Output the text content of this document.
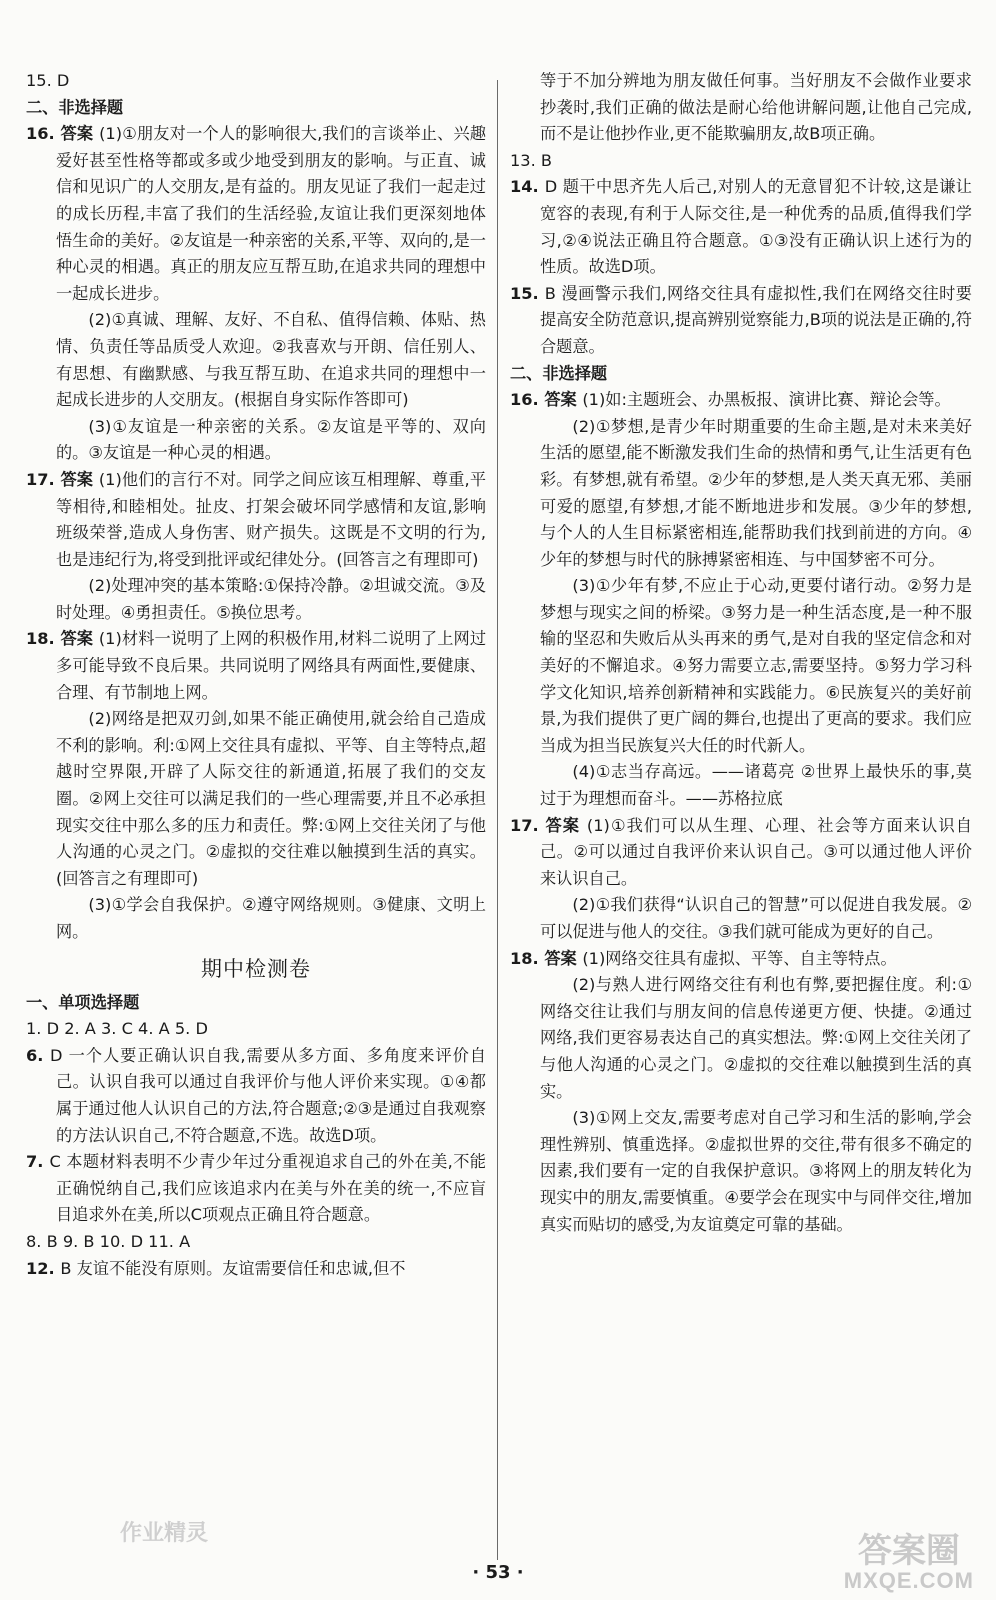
15. D
二、非选择题
16. 答案 (1)①朋友对一个人的影响很大,我们的言谈举止、兴趣爱好甚至性格等都或多或少地受到朋友的影响。与正直、诚信和见识广的人交朋友,是有益的。朋友见证了我们一起走过的成长历程,丰富了我们的生活经验,友谊让我们更深刻地体悟生命的美好。②友谊是一种亲密的关系,平等、双向的,是一种心灵的相遇。真正的朋友应互帮互助,在追求共同的理想中一起成长进步。
(2)①真诚、理解、友好、不自私、值得信赖、体贴、热情、负责任等品质受人欢迎。②我喜欢与开朗、信任别人、有思想、有幽默感、与我互帮互助、在追求共同的理想中一起成长进步的人交朋友。(根据自身实际作答即可)
(3)①友谊是一种亲密的关系。②友谊是平等的、双向的。③友谊是一种心灵的相遇。
17. 答案 (1)他们的言行不对。同学之间应该互相理解、尊重,平等相待,和睦相处。扯皮、打架会破坏同学感情和友谊,影响班级荣誉,造成人身伤害、财产损失。这既是不文明的行为,也是违纪行为,将受到批评或纪律处分。(回答言之有理即可)
(2)处理冲突的基本策略:①保持冷静。②坦诚交流。③及时处理。④勇担责任。⑤换位思考。
18. 答案 (1)材料一说明了上网的积极作用,材料二说明了上网过多可能导致不良后果。共同说明了网络具有两面性,要健康、合理、有节制地上网。
(2)网络是把双刃剑,如果不能正确使用,就会给自己造成不利的影响。利:①网上交往具有虚拟、平等、自主等特点,超越时空界限,开辟了人际交往的新通道,拓展了我们的交友圈。②网上交往可以满足我们的一些心理需要,并且不必承担现实交往中那么多的压力和责任。弊:①网上交往关闭了与他人沟通的心灵之门。②虚拟的交往难以触摸到生活的真实。(回答言之有理即可)
(3)①学会自我保护。②遵守网络规则。③健康、文明上网。
期中检测卷
一、单项选择题
1. D 2. A 3. C 4. A 5. D
6. D 一个人要正确认识自我,需要从多方面、多角度来评价自己。认识自我可以通过自我评价与他人评价来实现。①④都属于通过他人认识自己的方法,符合题意;②③是通过自我观察的方法认识自己,不符合题意,不选。故选D项。
7. C 本题材料表明不少青少年过分重视追求自己的外在美,不能正确悦纳自己,我们应该追求内在美与外在美的统一,不应盲目追求外在美,所以C项观点正确且符合题意。
8. B 9. B 10. D 11. A
12. B 友谊不能没有原则。友谊需要信任和忠诚,但不
等于不加分辨地为朋友做任何事。当好朋友不会做作业要求抄袭时,我们正确的做法是耐心给他讲解问题,让他自己完成,而不是让他抄作业,更不能欺骗朋友,故B项正确。
13. B
14. D 题干中思齐先人后己,对别人的无意冒犯不计较,这是谦让宽容的表现,有利于人际交往,是一种优秀的品质,值得我们学习,②④说法正确且符合题意。①③没有正确认识上述行为的性质。故选D项。
15. B 漫画警示我们,网络交往具有虚拟性,我们在网络交往时要提高安全防范意识,提高辨别觉察能力,B项的说法是正确的,符合题意。
二、非选择题
16. 答案 (1)如:主题班会、办黑板报、演讲比赛、辩论会等。
(2)①梦想,是青少年时期重要的生命主题,是对未来美好生活的愿望,能不断激发我们生命的热情和勇气,让生活更有色彩。有梦想,就有希望。②少年的梦想,是人类天真无邪、美丽可爱的愿望,有梦想,才能不断地进步和发展。③少年的梦想,与个人的人生目标紧密相连,能帮助我们找到前进的方向。④少年的梦想与时代的脉搏紧密相连、与中国梦密不可分。
(3)①少年有梦,不应止于心动,更要付诸行动。②努力是梦想与现实之间的桥梁。③努力是一种生活态度,是一种不服输的坚忍和失败后从头再来的勇气,是对自我的坚定信念和对美好的不懈追求。④努力需要立志,需要坚持。⑤努力学习科学文化知识,培养创新精神和实践能力。⑥民族复兴的美好前景,为我们提供了更广阔的舞台,也提出了更高的要求。我们应当成为担当民族复兴大任的时代新人。
(4)①志当存高远。——诸葛亮 ②世界上最快乐的事,莫过于为理想而奋斗。——苏格拉底
17. 答案 (1)①我们可以从生理、心理、社会等方面来认识自己。②可以通过自我评价来认识自己。③可以通过他人评价来认识自己。
(2)①我们获得“认识自己的智慧”可以促进自我发展。②可以促进与他人的交往。③我们就可能成为更好的自己。
18. 答案 (1)网络交往具有虚拟、平等、自主等特点。
(2)与熟人进行网络交往有利也有弊,要把握住度。利:①网络交往让我们与朋友间的信息传递更方便、快捷。②通过网络,我们更容易表达自己的真实想法。弊:①网上交往关闭了与他人沟通的心灵之门。②虚拟的交往难以触摸到生活的真实。
(3)①网上交友,需要考虑对自己学习和生活的影响,学会理性辨别、慎重选择。②虚拟世界的交往,带有很多不确定的因素,我们要有一定的自我保护意识。③将网上的朋友转化为现实中的朋友,需要慎重。④要学会在现实中与同伴交往,增加真实而贴切的感受,为友谊奠定可靠的基础。
· 53 ·
作业精灵	答案圈
MXQE.COM
